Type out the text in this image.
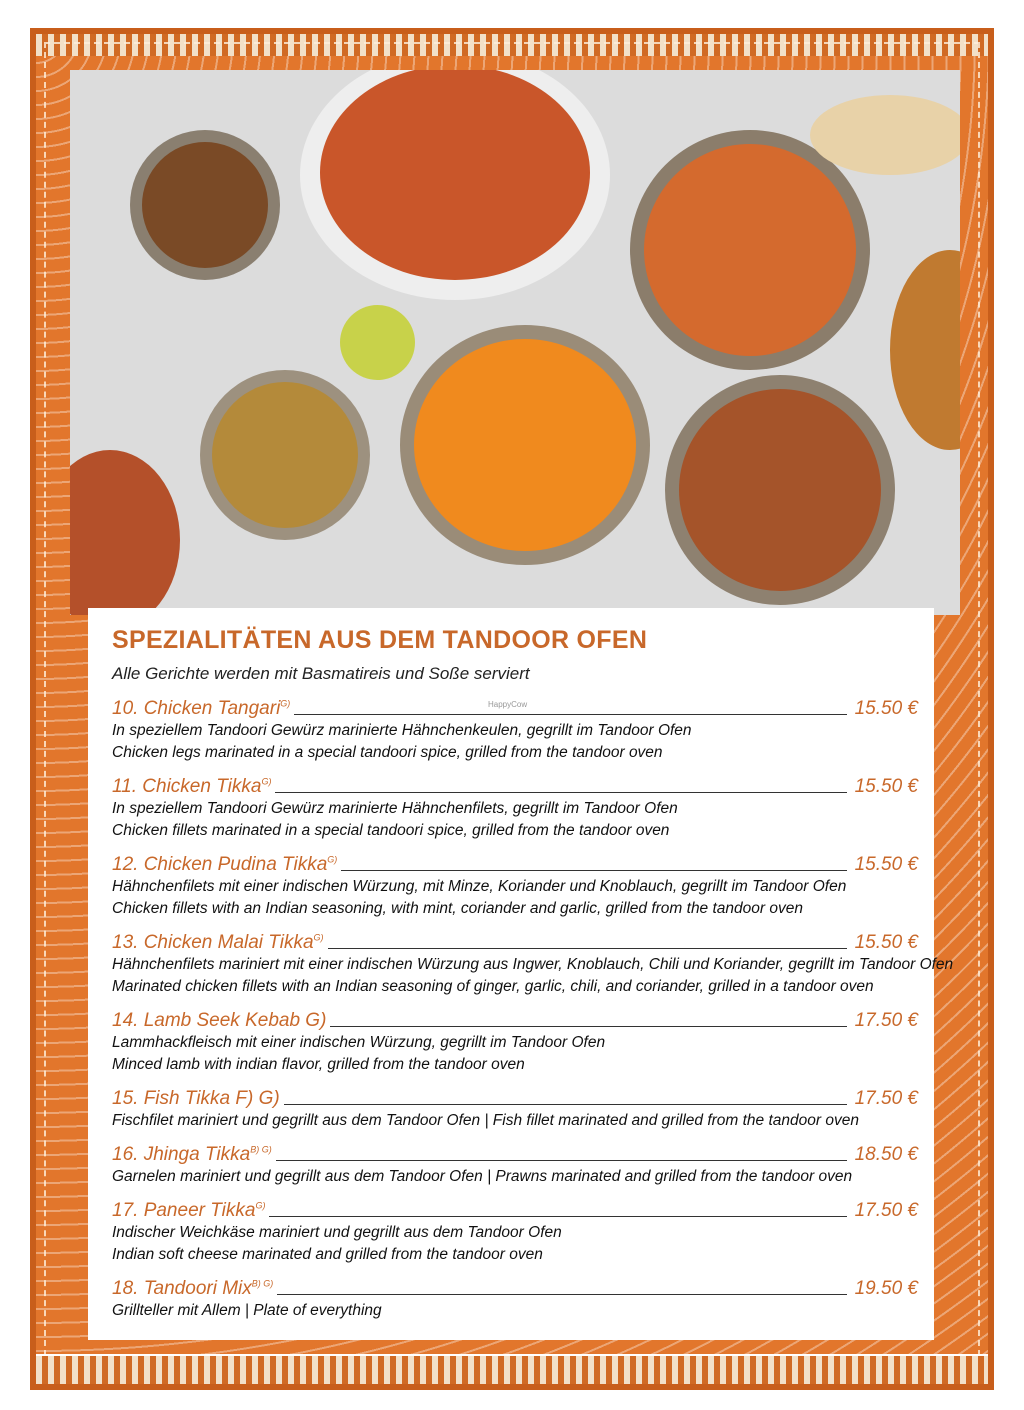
SPEZIALITÄTEN AUS DEM TANDOOR OFEN
Alle Gerichte werden mit Basmatireis und Soße serviert
HappyCow
10. Chicken Tangari$^{G)}$	15.50 €
In speziellem Tandoori Gewürz marinierte Hähnchenkeulen, gegrillt im Tandoor Ofen
Chicken legs marinated in a special tandoori spice, grilled from the tandoor oven
11. Chicken Tikka$^{G)}$	15.50 €
In speziellem Tandoori Gewürz marinierte Hähnchenfilets, gegrillt im Tandoor Ofen
Chicken fillets marinated in a special tandoori spice, grilled from the tandoor oven
12. Chicken Pudina Tikka$^{G)}$	15.50 €
Hähnchenfilets mit einer indischen Würzung, mit Minze, Koriander und Knoblauch, gegrillt im Tandoor Ofen
Chicken fillets with an Indian seasoning, with mint, coriander and garlic, grilled from the tandoor oven
13. Chicken Malai Tikka$^{G)}$	15.50 €
Hähnchenfilets mariniert mit einer indischen Würzung aus Ingwer, Knoblauch, Chili und Koriander, gegrillt im Tandoor Ofen
Marinated chicken fillets with an Indian seasoning of ginger, garlic, chili, and coriander, grilled in a tandoor oven
14. Lamb Seek Kebab G)	17.50 €
Lammhackfleisch mit einer indischen Würzung, gegrillt im Tandoor Ofen
Minced lamb with indian flavor, grilled from the tandoor oven
15. Fish Tikka F) G)	17.50 €
Fischfilet mariniert und gegrillt aus dem Tandoor Ofen | Fish fillet marinated and grilled from the tandoor oven
16. Jhinga Tikka$^{B) G)}$	18.50 €
Garnelen mariniert und gegrillt aus dem Tandoor Ofen | Prawns marinated and grilled from the tandoor oven
17. Paneer Tikka$^{G)}$	17.50 €
Indischer Weichkäse mariniert und gegrillt aus dem Tandoor Ofen
Indian soft cheese marinated and grilled from the tandoor oven
18. Tandoori Mix$^{B) G)}$	19.50 €
Grillteller mit Allem | Plate of everything
